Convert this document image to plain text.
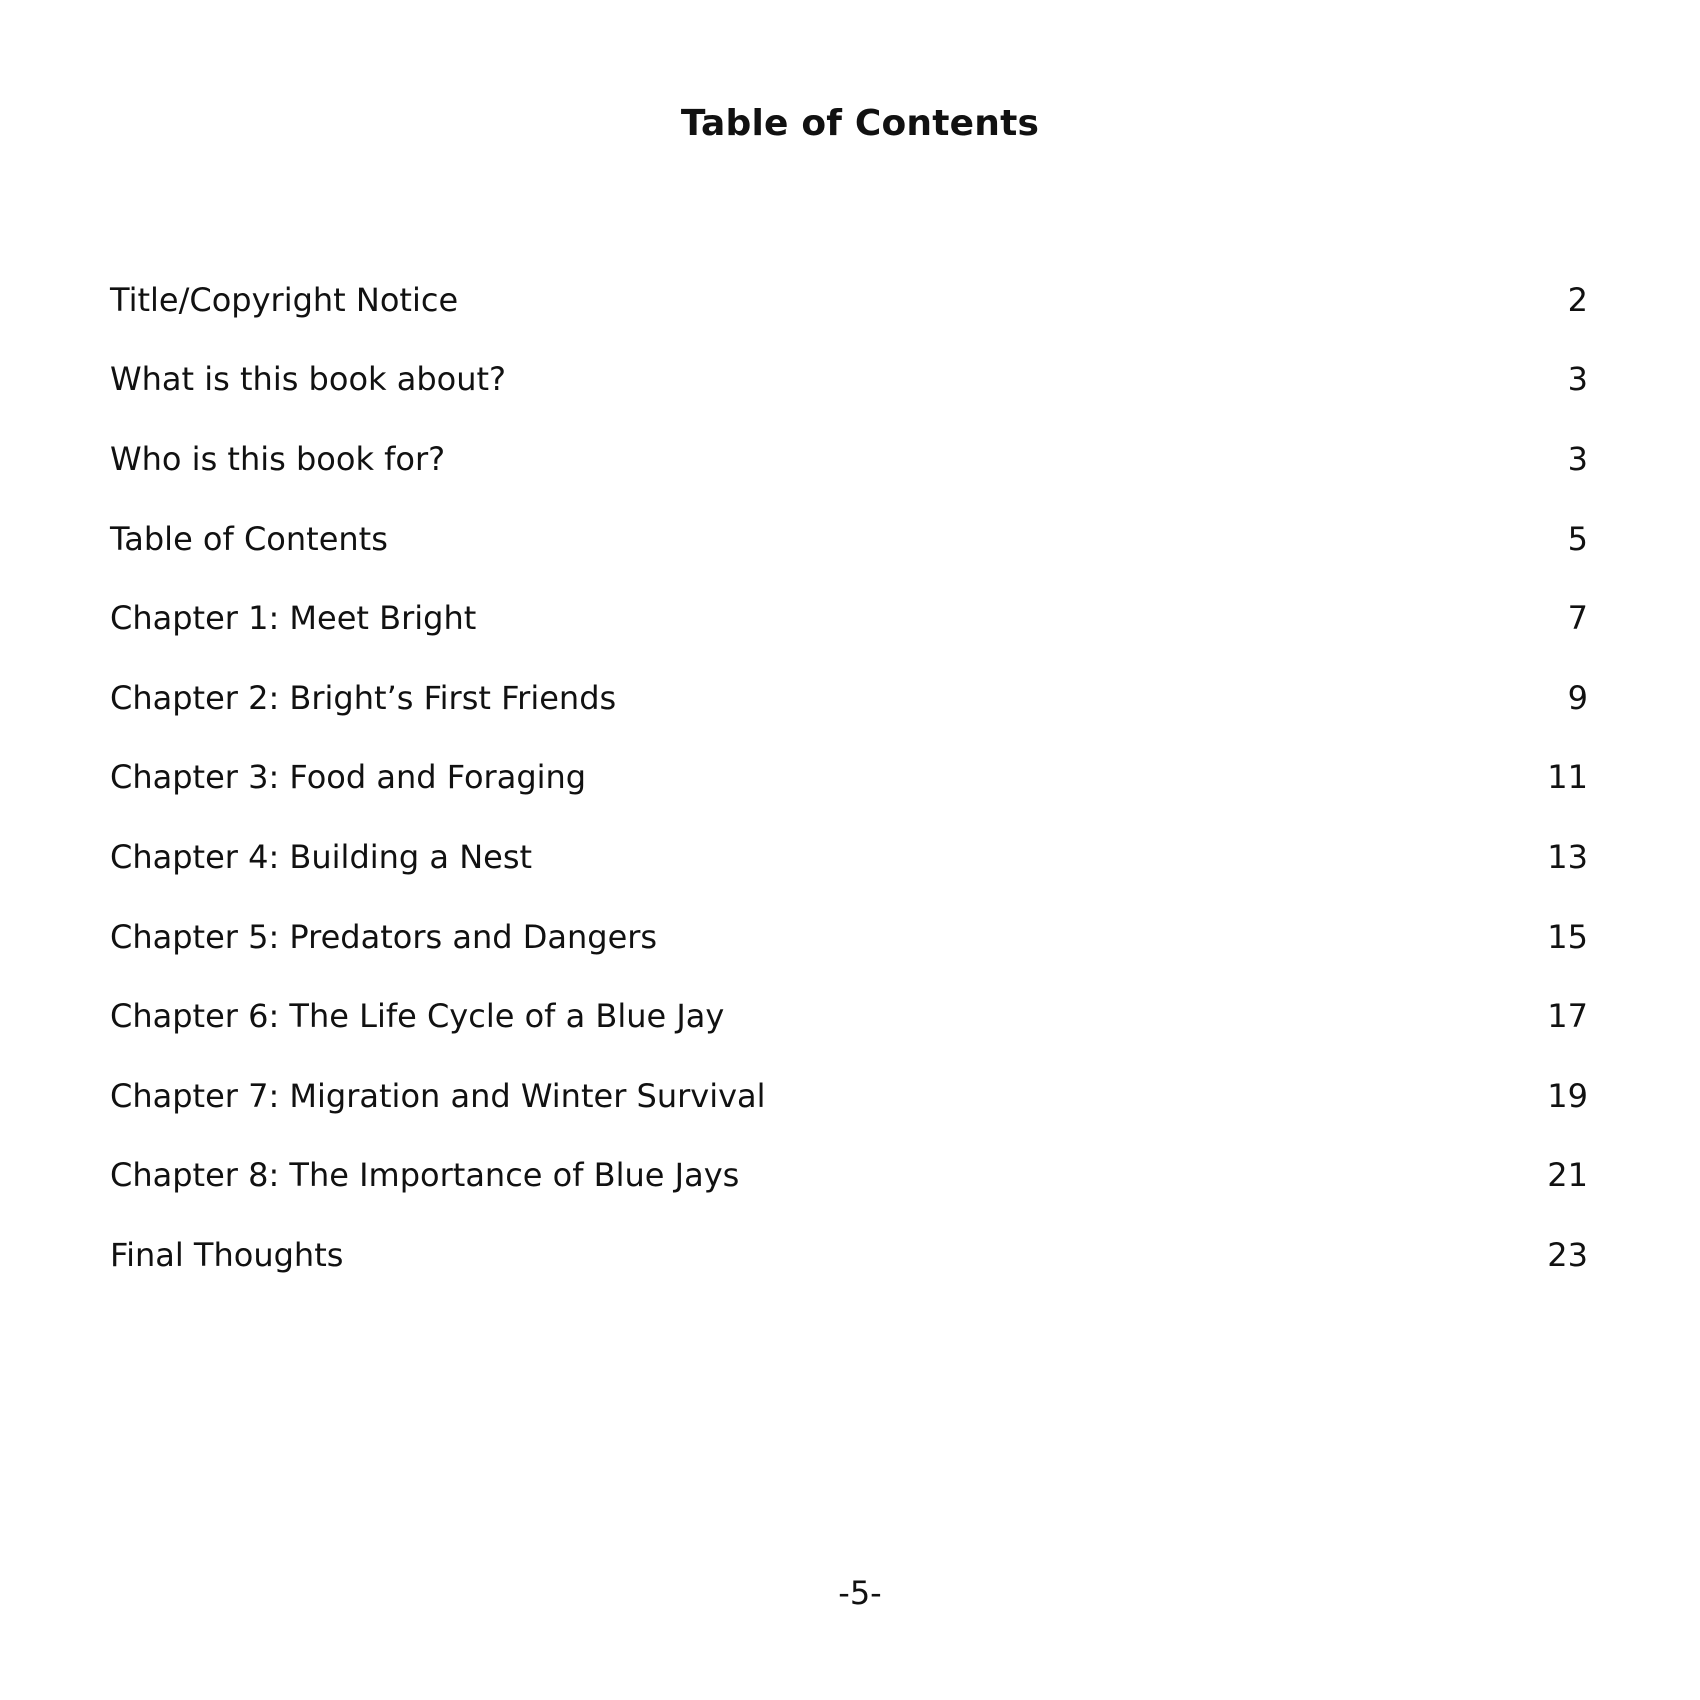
Table of Contents
Title/Copyright Notice	2
What is this book about?	3
Who is this book for?	3
Table of Contents	5
Chapter 1: Meet Bright	7
Chapter 2: Bright’s First Friends	9
Chapter 3: Food and Foraging	11
Chapter 4: Building a Nest	13
Chapter 5: Predators and Dangers	15
Chapter 6: The Life Cycle of a Blue Jay	17
Chapter 7: Migration and Winter Survival	19
Chapter 8: The Importance of Blue Jays	21
Final Thoughts	23
-5-
